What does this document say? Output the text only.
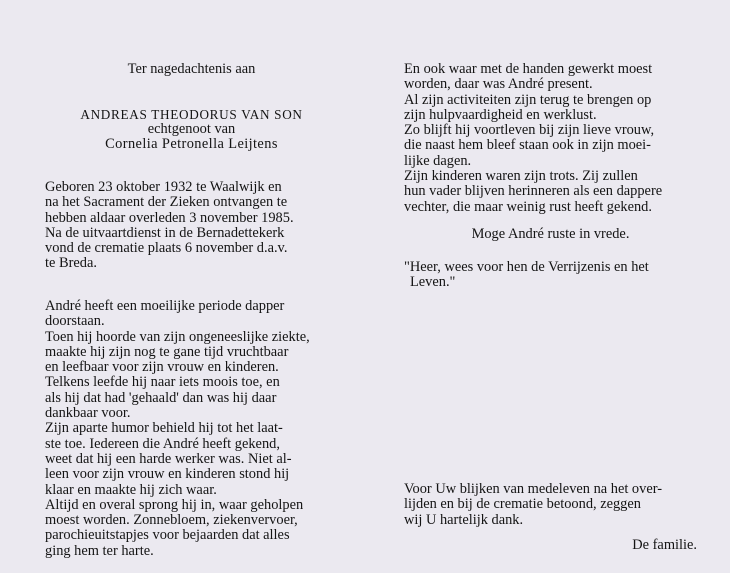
Ter nagedachtenis aan

ANDREAS THEODORUS VAN SON

echtgenoot van

Cornelia Petronella Leijtens

Geboren 23 oktober 1932 te Waalwijk en
na het Sacrament der Zieken ontvangen te
hebben aldaar overleden 3 november 1985.
Na de uitvaartdienst in de Bernadettekerk
vond de crematie plaats 6 november d.a.v.
te Breda.
André heeft een moeilijke periode dapper
doorstaan.
Toen hij hoorde van zijn ongeneeslijke ziekte,
maakte hij zijn nog te gane tijd vruchtbaar
en leefbaar voor zijn vrouw en kinderen.
Telkens leefde hij naar iets moois toe, en
als hij dat had 'gehaald' dan was hij daar
dankbaar voor.
Zijn aparte humor behield hij tot het laat-
ste toe. Iedereen die André heeft gekend,
weet dat hij een harde werker was. Niet al-
leen voor zijn vrouw en kinderen stond hij
klaar en maakte hij zich waar.
Altijd en overal sprong hij in, waar geholpen
moest worden. Zonnebloem, ziekenvervoer,
parochieuitstapjes voor bejaarden dat alles
ging hem ter harte.
En ook waar met de handen gewerkt moest
worden, daar was André present.
Al zijn activiteiten zijn terug te brengen op
zijn hulpvaardigheid en werklust.
Zo blijft hij voortleven bij zijn lieve vrouw,
die naast hem bleef staan ook in zijn moei-
lijke dagen.
Zijn kinderen waren zijn trots. Zij zullen
hun vader blijven herinneren als een dappere
vechter, die maar weinig rust heeft gekend.

Moge André ruste in vrede.

"Heer, wees voor hen de Verrijzenis en het
Leven."
Voor Uw blijken van medeleven na het over-
lijden en bij de crematie betoond, zeggen
wij U hartelijk dank.

De familie.
